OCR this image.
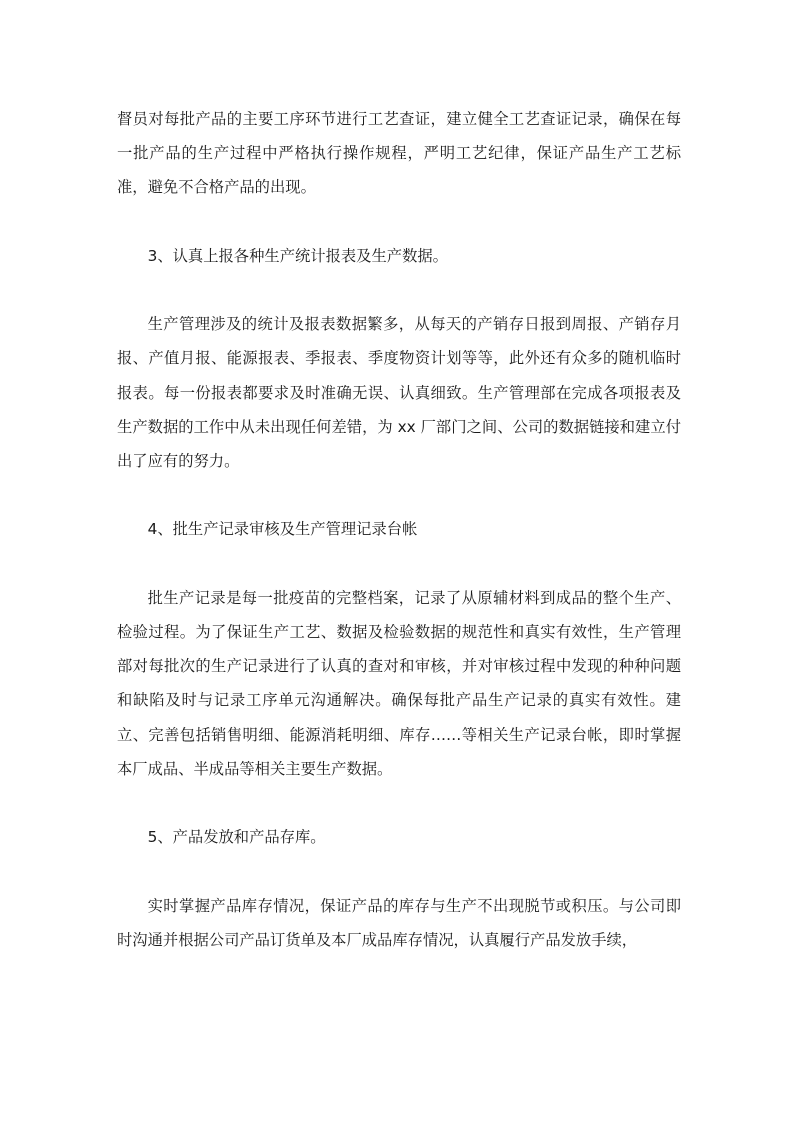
督员对每批产品的主要工序环节进行工艺查证，建立健全工艺查证记录，确保在每一批产品的生产过程中严格执行操作规程，严明工艺纪律，保证产品生产工艺标准，避免不合格产品的出现。

3、认真上报各种生产统计报表及生产数据。

生产管理涉及的统计及报表数据繁多，从每天的产销存日报到周报、产销存月报、产值月报、能源报表、季报表、季度物资计划等等，此外还有众多的随机临时报表。每一份报表都要求及时准确无误、认真细致。生产管理部在完成各项报表及生产数据的工作中从未出现任何差错，为 xx 厂部门之间、公司的数据链接和建立付出了应有的努力。

4、批生产记录审核及生产管理记录台帐

批生产记录是每一批疫苗的完整档案，记录了从原辅材料到成品的整个生产、检验过程。为了保证生产工艺、数据及检验数据的规范性和真实有效性，生产管理部对每批次的生产记录进行了认真的查对和审核，并对审核过程中发现的种种问题和缺陷及时与记录工序单元沟通解决。确保每批产品生产记录的真实有效性。建立、完善包括销售明细、能源消耗明细、库存……等相关生产记录台帐，即时掌握本厂成品、半成品等相关主要生产数据。

5、产品发放和产品存库。

实时掌握产品库存情况，保证产品的库存与生产不出现脱节或积压。与公司即时沟通并根据公司产品订货单及本厂成品库存情况，认真履行产品发放手续，
